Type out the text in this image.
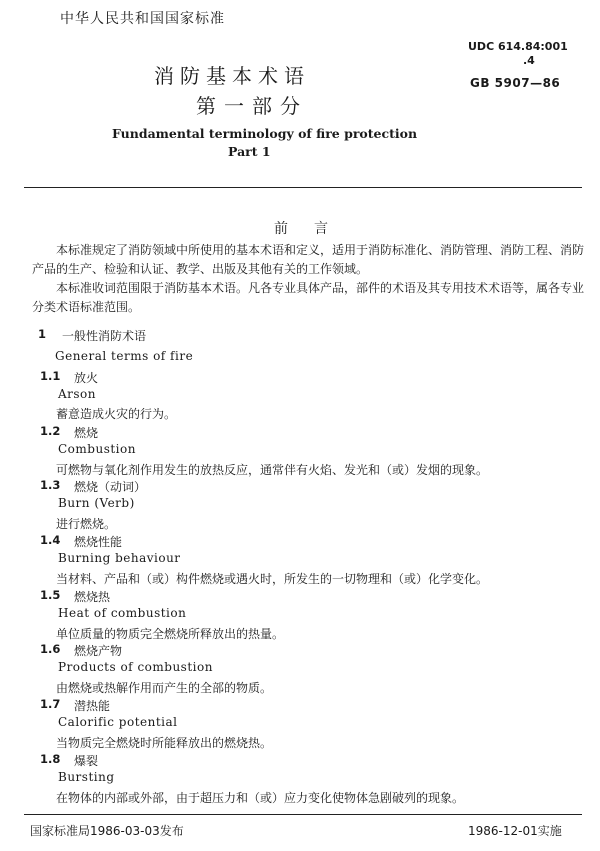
中华人民共和国国家标准
UDC 614.84:001
.4
GB 5907—86
消防基本术语
第一部分
Fundamental terminology of fire protection
Part 1
前言
本标准规定了消防领域中所使用的基本术语和定义，适用于消防标准化、消防管理、消防工程、消防产品的生产、检验和认证、教学、出版及其他有关的工作领域。
本标准收词范围限于消防基本术语。凡各专业具体产品，部件的术语及其专用技术术语等，属各专业分类术语标准范围。
1 一般性消防术语
General terms of fire
1.1 放火
Arson
蓄意造成火灾的行为。
1.2 燃烧
Combustion
可燃物与氧化剂作用发生的放热反应，通常伴有火焰、发光和（或）发烟的现象。
1.3 燃烧（动词）
Burn (Verb)
进行燃烧。
1.4 燃烧性能
Burning behaviour
当材料、产品和（或）构件燃烧或遇火时，所发生的一切物理和（或）化学变化。
1.5 燃烧热
Heat of combustion
单位质量的物质完全燃烧所释放出的热量。
1.6 燃烧产物
Products of combustion
由燃烧或热解作用而产生的全部的物质。
1.7 潜热能
Calorific potential
当物质完全燃烧时所能释放出的燃烧热。
1.8 爆裂
Bursting
在物体的内部或外部，由于超压力和（或）应力变化使物体急剧破列的现象。
国家标准局1986-03-03发布	1986-12-01实施
